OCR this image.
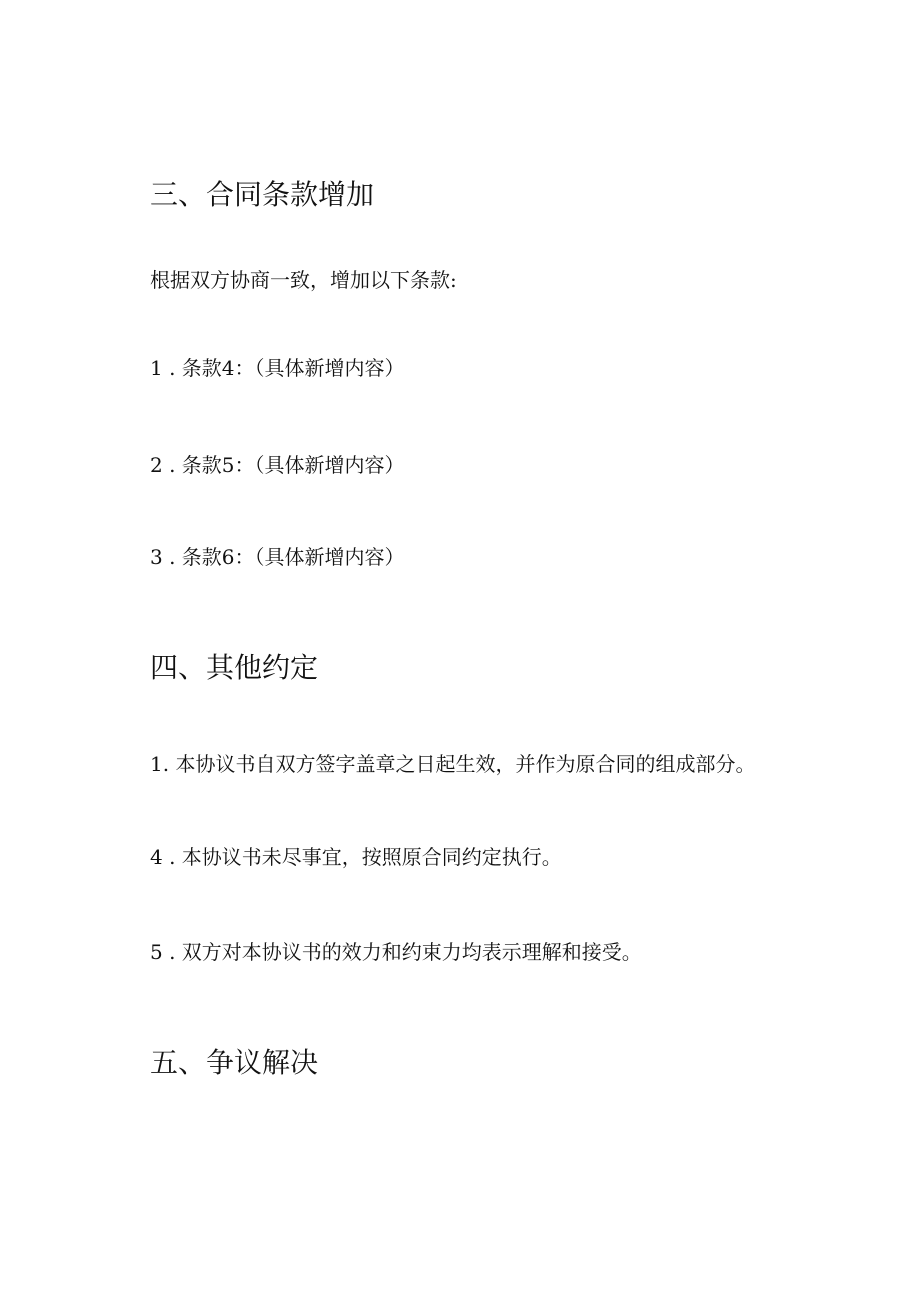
三、合同条款增加

根据双方协商一致，增加以下条款:

1 . 条款4：（具体新增内容）

2 . 条款5：（具体新增内容）

3 . 条款6：（具体新增内容）

四、其他约定

1. 本协议书自双方签字盖章之日起生效，并作为原合同的组成部分。

4 . 本协议书未尽事宜，按照原合同约定执行。

5 . 双方对本协议书的效力和约束力均表示理解和接受。

五、争议解决
